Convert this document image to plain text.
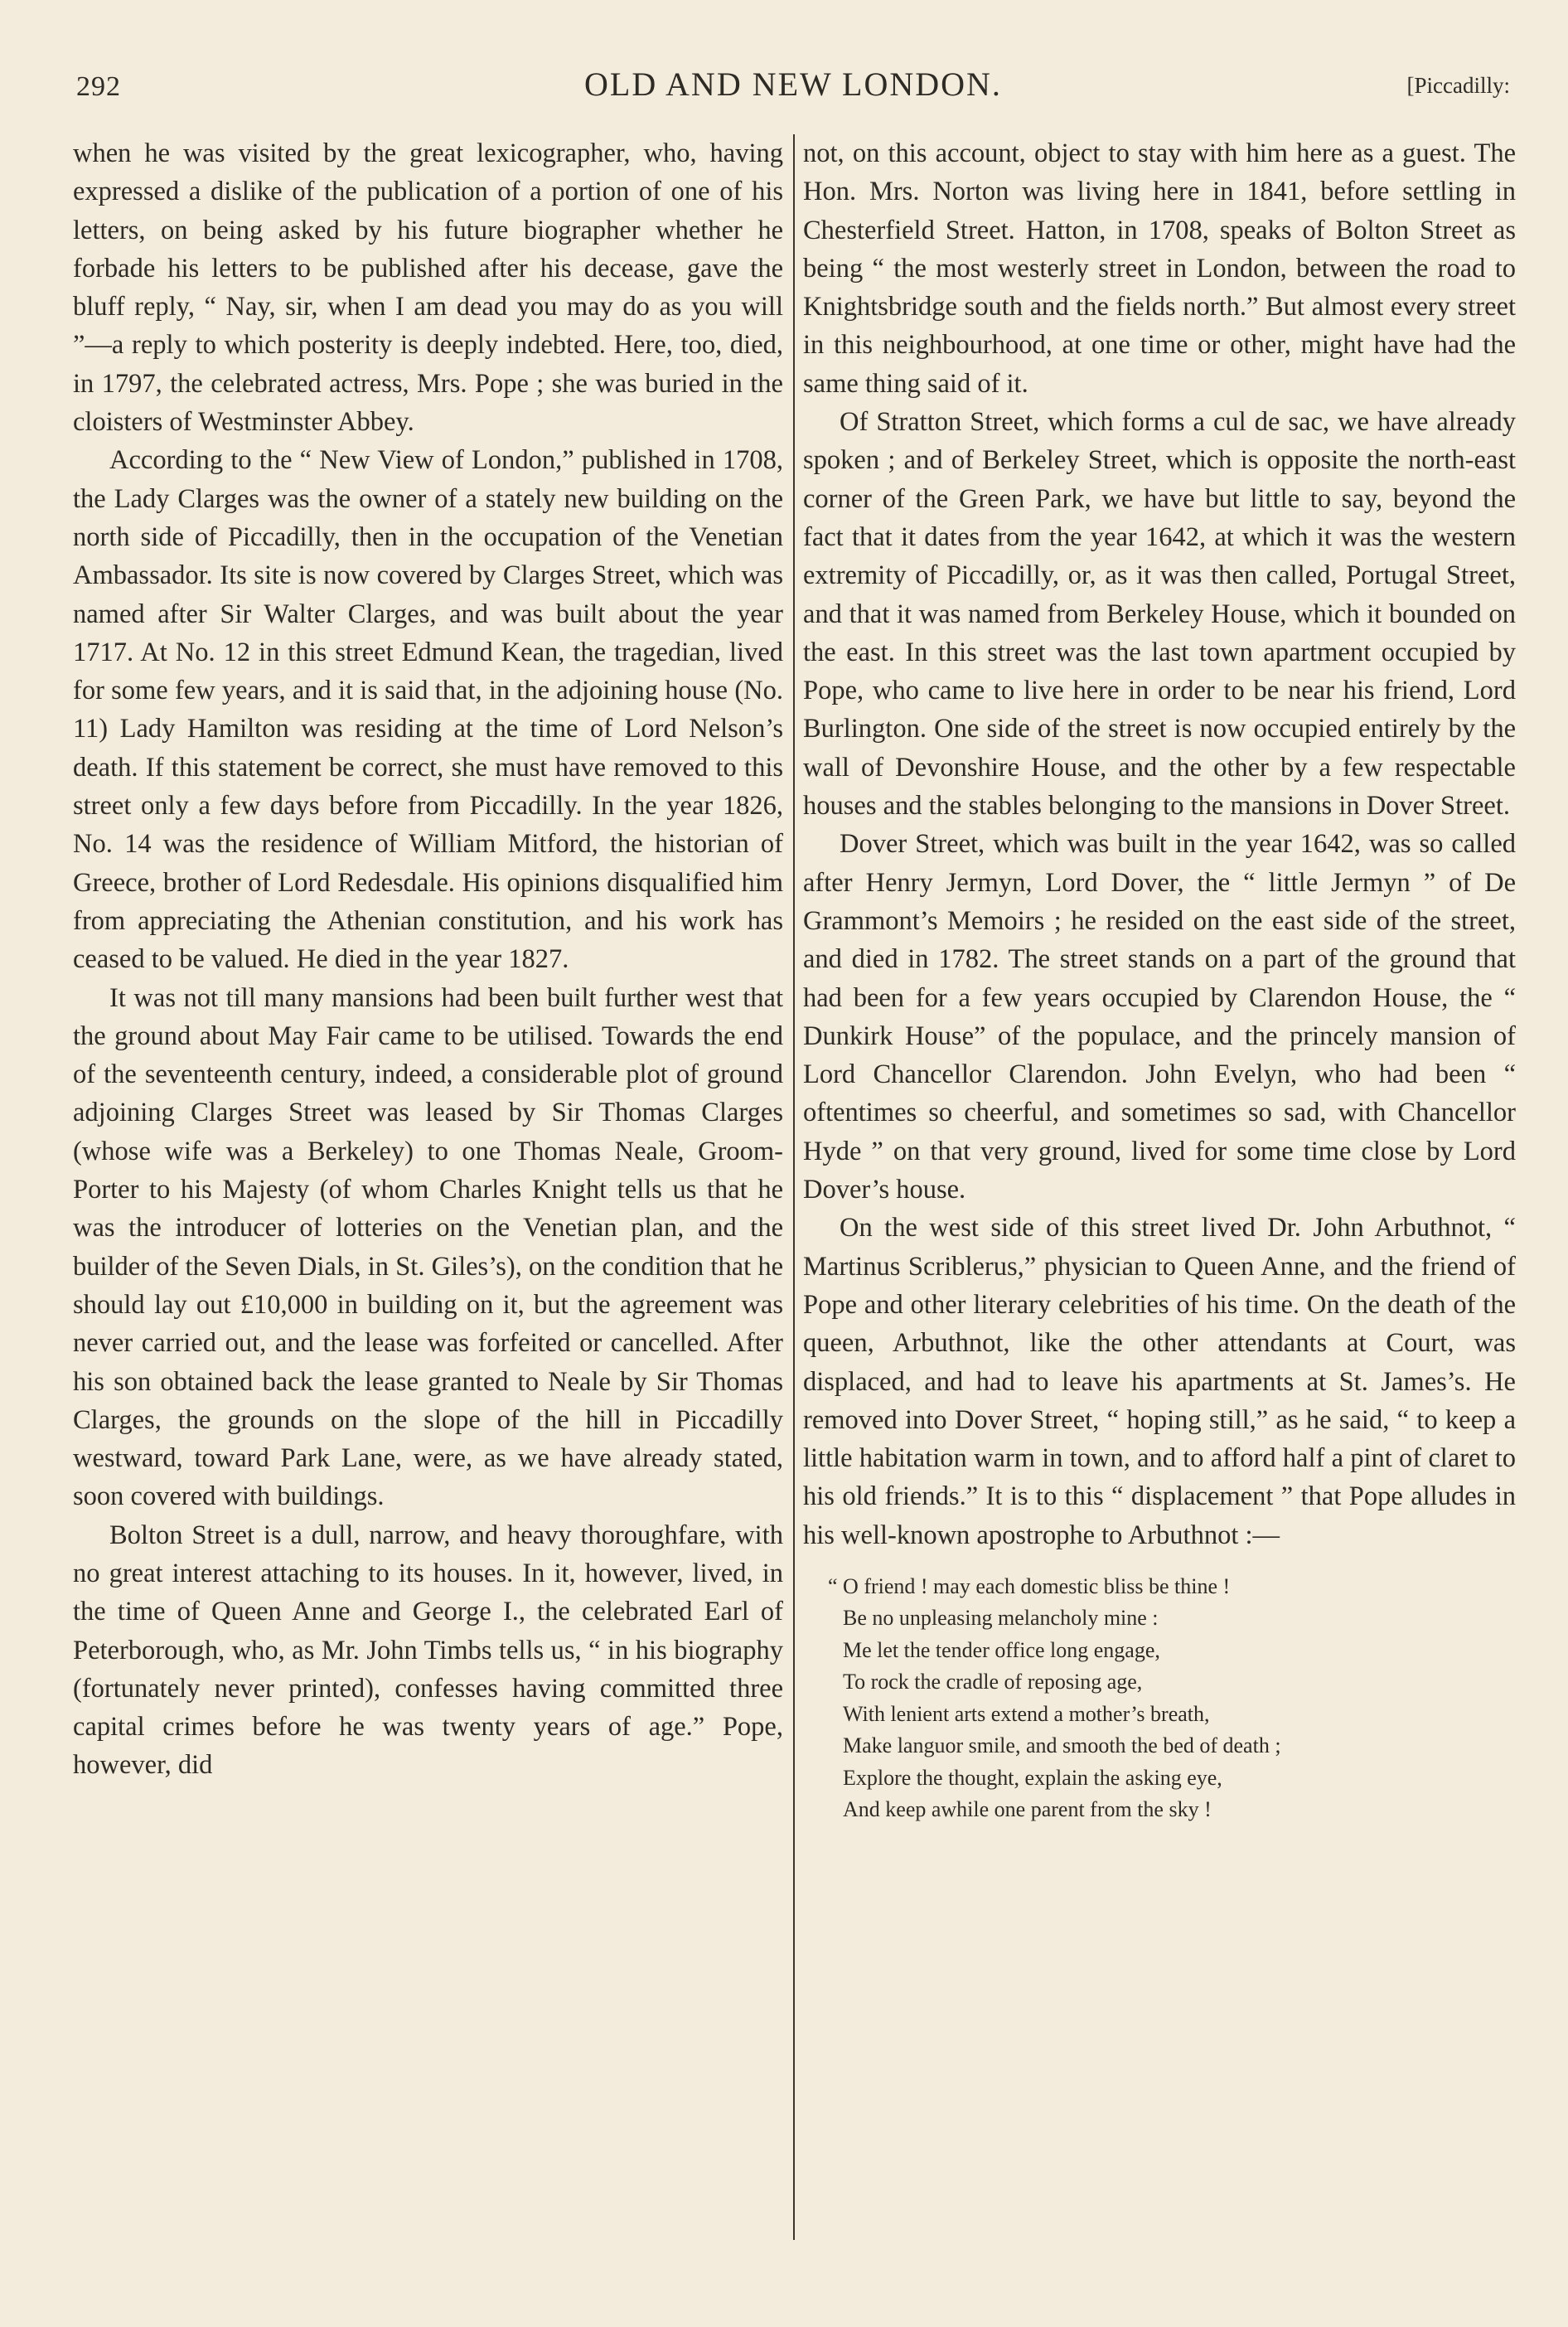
292	OLD AND NEW LONDON.	[Piccadilly:

when he was visited by the great lexicographer, who, having expressed a dislike of the publication of a portion of one of his letters, on being asked by his future biographer whether he forbade his letters to be published after his decease, gave the bluff reply, “ Nay, sir, when I am dead you may do as you will ”—a reply to which posterity is deeply indebted. Here, too, died, in 1797, the celebrated actress, Mrs. Pope ; she was buried in the cloisters of Westminster Abbey.

According to the “ New View of London,” published in 1708, the Lady Clarges was the owner of a stately new building on the north side of Piccadilly, then in the occupation of the Venetian Ambassador. Its site is now covered by Clarges Street, which was named after Sir Walter Clarges, and was built about the year 1717. At No. 12 in this street Edmund Kean, the tragedian, lived for some few years, and it is said that, in the adjoining house (No. 11) Lady Hamilton was residing at the time of Lord Nelson’s death. If this statement be correct, she must have removed to this street only a few days before from Piccadilly. In the year 1826, No. 14 was the residence of William Mitford, the historian of Greece, brother of Lord Redesdale. His opinions disqualified him from appreciating the Athenian constitution, and his work has ceased to be valued. He died in the year 1827.

It was not till many mansions had been built further west that the ground about May Fair came to be utilised. Towards the end of the seventeenth century, indeed, a considerable plot of ground adjoining Clarges Street was leased by Sir Thomas Clarges (whose wife was a Berkeley) to one Thomas Neale, Groom-Porter to his Majesty (of whom Charles Knight tells us that he was the introducer of lotteries on the Venetian plan, and the builder of the Seven Dials, in St. Giles’s), on the condition that he should lay out £10,000 in building on it, but the agreement was never carried out, and the lease was forfeited or cancelled. After his son obtained back the lease granted to Neale by Sir Thomas Clarges, the grounds on the slope of the hill in Piccadilly westward, toward Park Lane, were, as we have already stated, soon covered with buildings.

Bolton Street is a dull, narrow, and heavy thoroughfare, with no great interest attaching to its houses. In it, however, lived, in the time of Queen Anne and George I., the celebrated Earl of Peterborough, who, as Mr. John Timbs tells us, “ in his biography (fortunately never printed), confesses having committed three capital crimes before he was twenty years of age.” Pope, however, did

not, on this account, object to stay with him here as a guest. The Hon. Mrs. Norton was living here in 1841, before settling in Chesterfield Street. Hatton, in 1708, speaks of Bolton Street as being “ the most westerly street in London, between the road to Knightsbridge south and the fields north.” But almost every street in this neighbourhood, at one time or other, might have had the same thing said of it.

Of Stratton Street, which forms a cul de sac, we have already spoken ; and of Berkeley Street, which is opposite the north-east corner of the Green Park, we have but little to say, beyond the fact that it dates from the year 1642, at which it was the western extremity of Piccadilly, or, as it was then called, Portugal Street, and that it was named from Berkeley House, which it bounded on the east. In this street was the last town apartment occupied by Pope, who came to live here in order to be near his friend, Lord Burlington. One side of the street is now occupied entirely by the wall of Devonshire House, and the other by a few respectable houses and the stables belonging to the mansions in Dover Street.

Dover Street, which was built in the year 1642, was so called after Henry Jermyn, Lord Dover, the “ little Jermyn ” of De Grammont’s Memoirs ; he resided on the east side of the street, and died in 1782. The street stands on a part of the ground that had been for a few years occupied by Clarendon House, the “ Dunkirk House” of the populace, and the princely mansion of Lord Chancellor Clarendon. John Evelyn, who had been “ oftentimes so cheerful, and sometimes so sad, with Chancellor Hyde ” on that very ground, lived for some time close by Lord Dover’s house.

On the west side of this street lived Dr. John Arbuthnot, “ Martinus Scriblerus,” physician to Queen Anne, and the friend of Pope and other literary celebrities of his time. On the death of the queen, Arbuthnot, like the other attendants at Court, was displaced, and had to leave his apartments at St. James’s. He removed into Dover Street, “ hoping still,” as he said, “ to keep a little habitation warm in town, and to afford half a pint of claret to his old friends.” It is to this “ displacement ” that Pope alludes in his well-known apostrophe to Arbuthnot :—

“ O friend ! may each domestic bliss be thine !
Be no unpleasing melancholy mine :
Me let the tender office long engage,
To rock the cradle of reposing age,
With lenient arts extend a mother’s breath,
Make languor smile, and smooth the bed of death ;
Explore the thought, explain the asking eye,
And keep awhile one parent from the sky !
